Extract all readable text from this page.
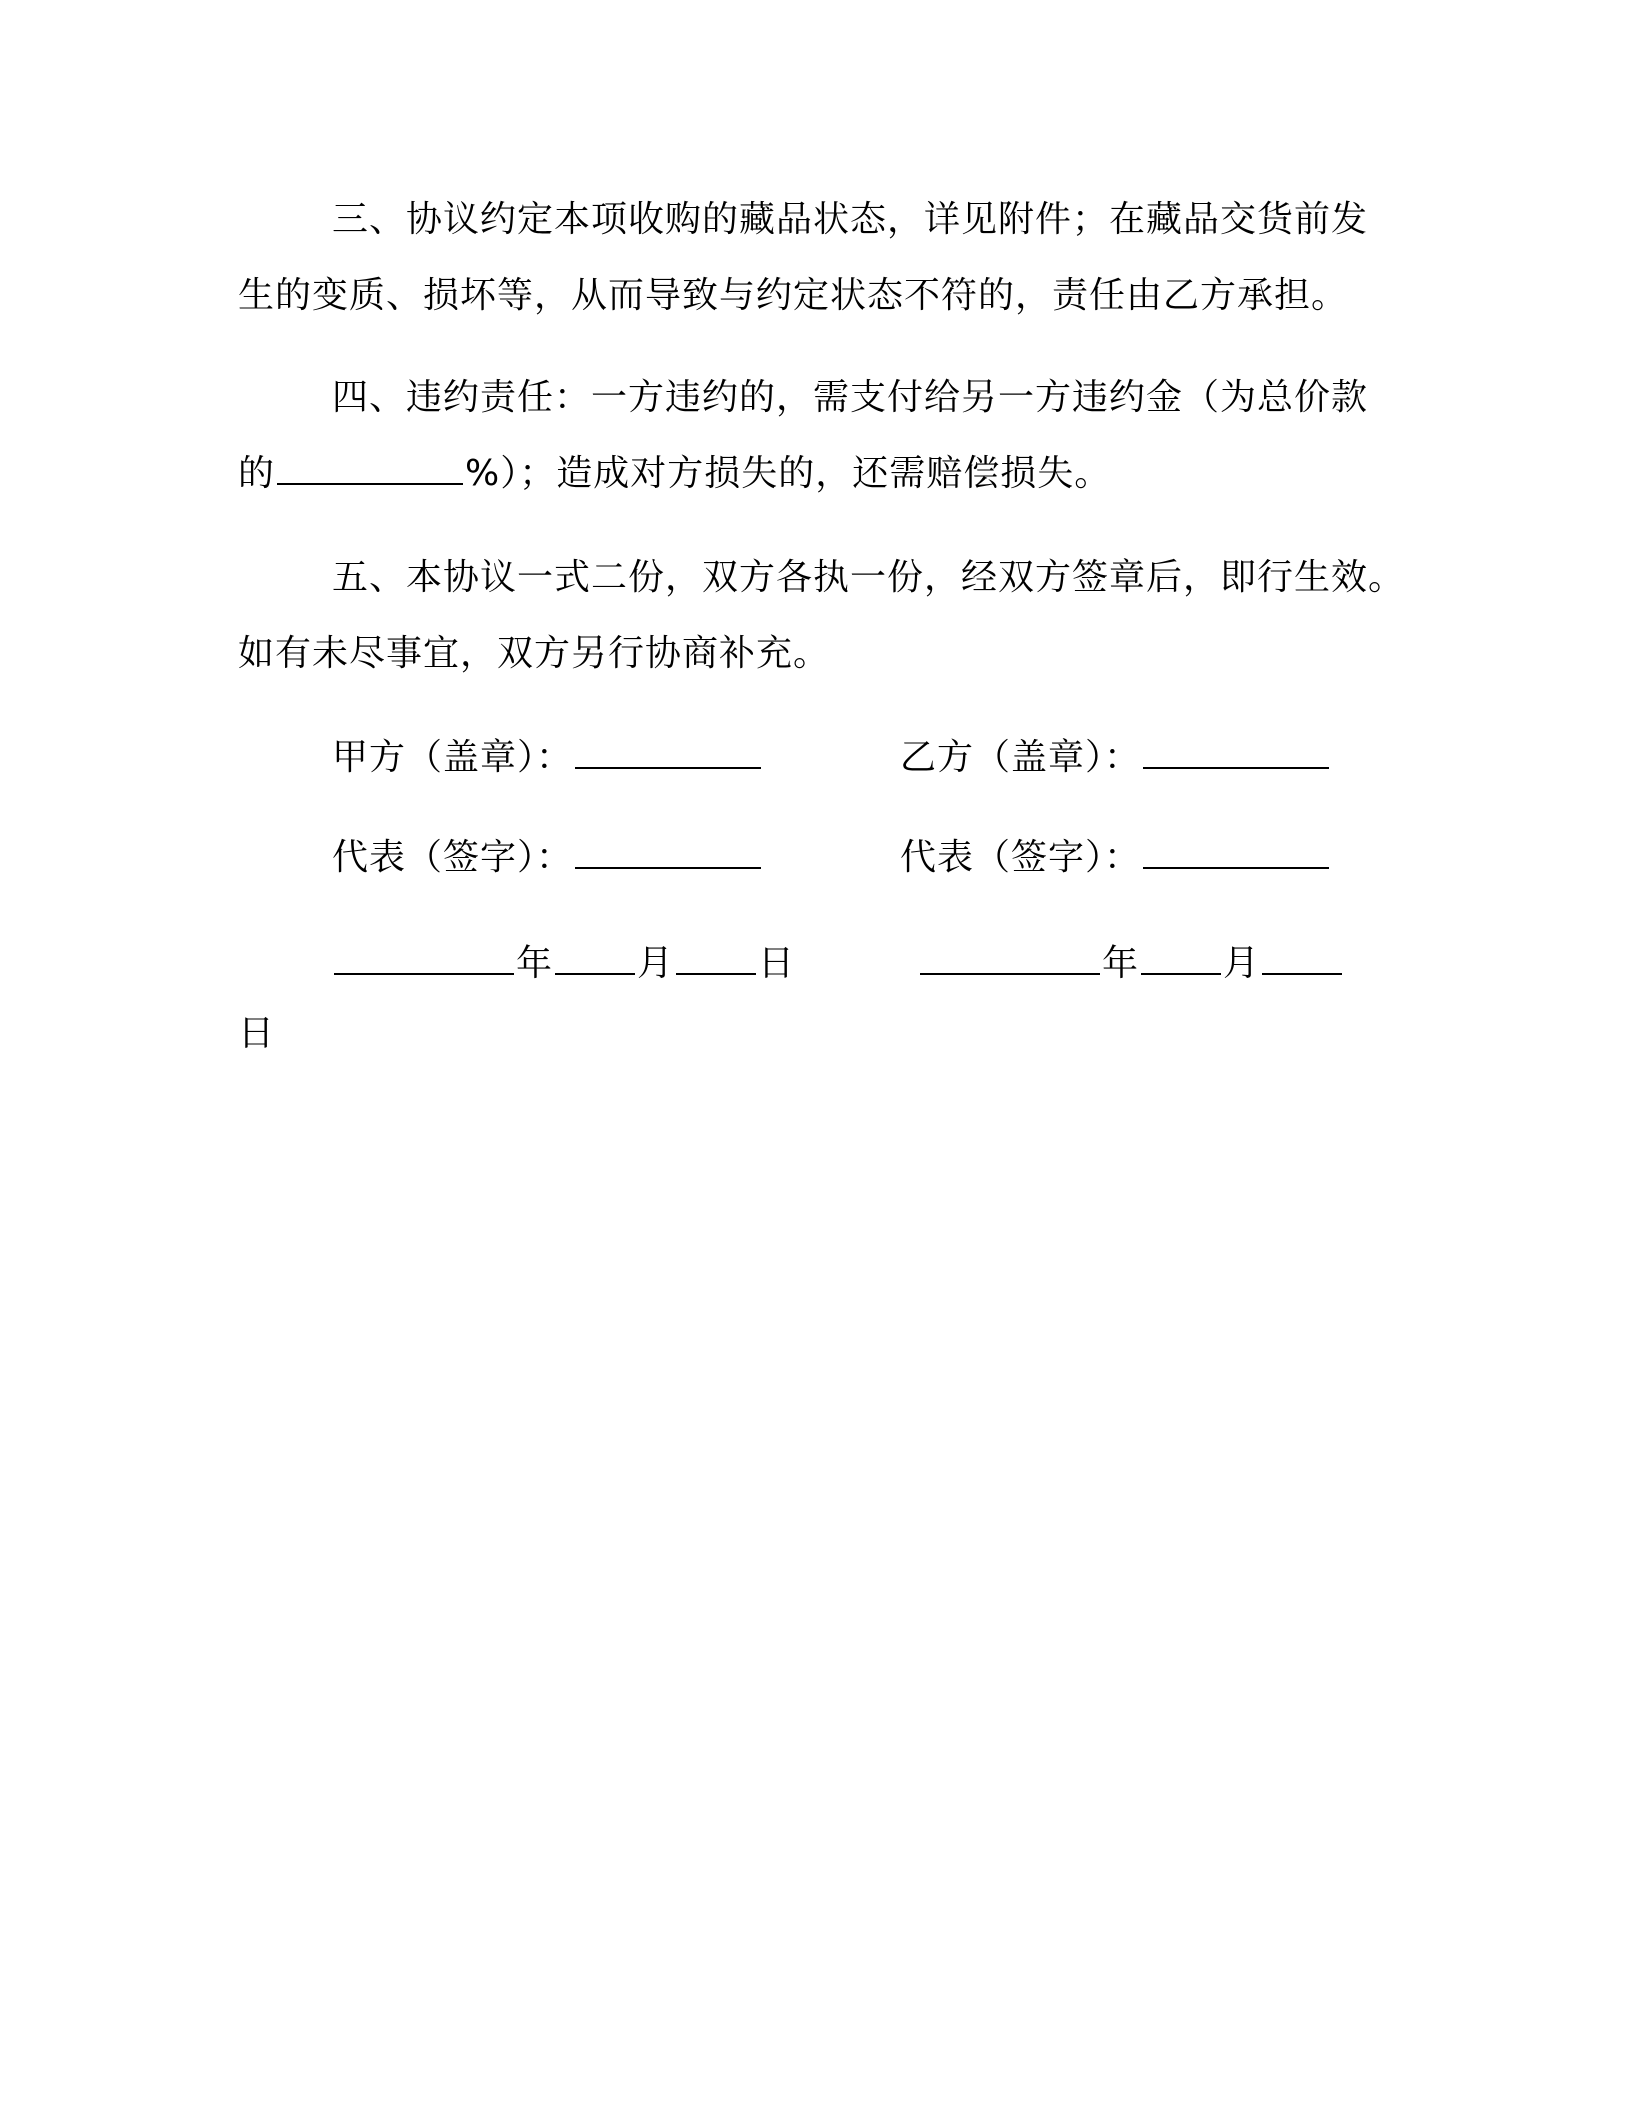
三、协议约定本项收购的藏品状态，详见附件；在藏品交货前发
生的变质、损坏等，从而导致与约定状态不符的，责任由乙方承担。
四、违约责任：一方违约的，需支付给另一方违约金（为总价款
的	%）；造成对方损失的，还需赔偿损失。
五、本协议一式二份，双方各执一份，经双方签章后，即行生效。
如有未尽事宜，双方另行协商补充。
甲方（盖章）：	乙方（盖章）：
代表（签字）：	代表（签字）：
年 月 日	年 月
日
